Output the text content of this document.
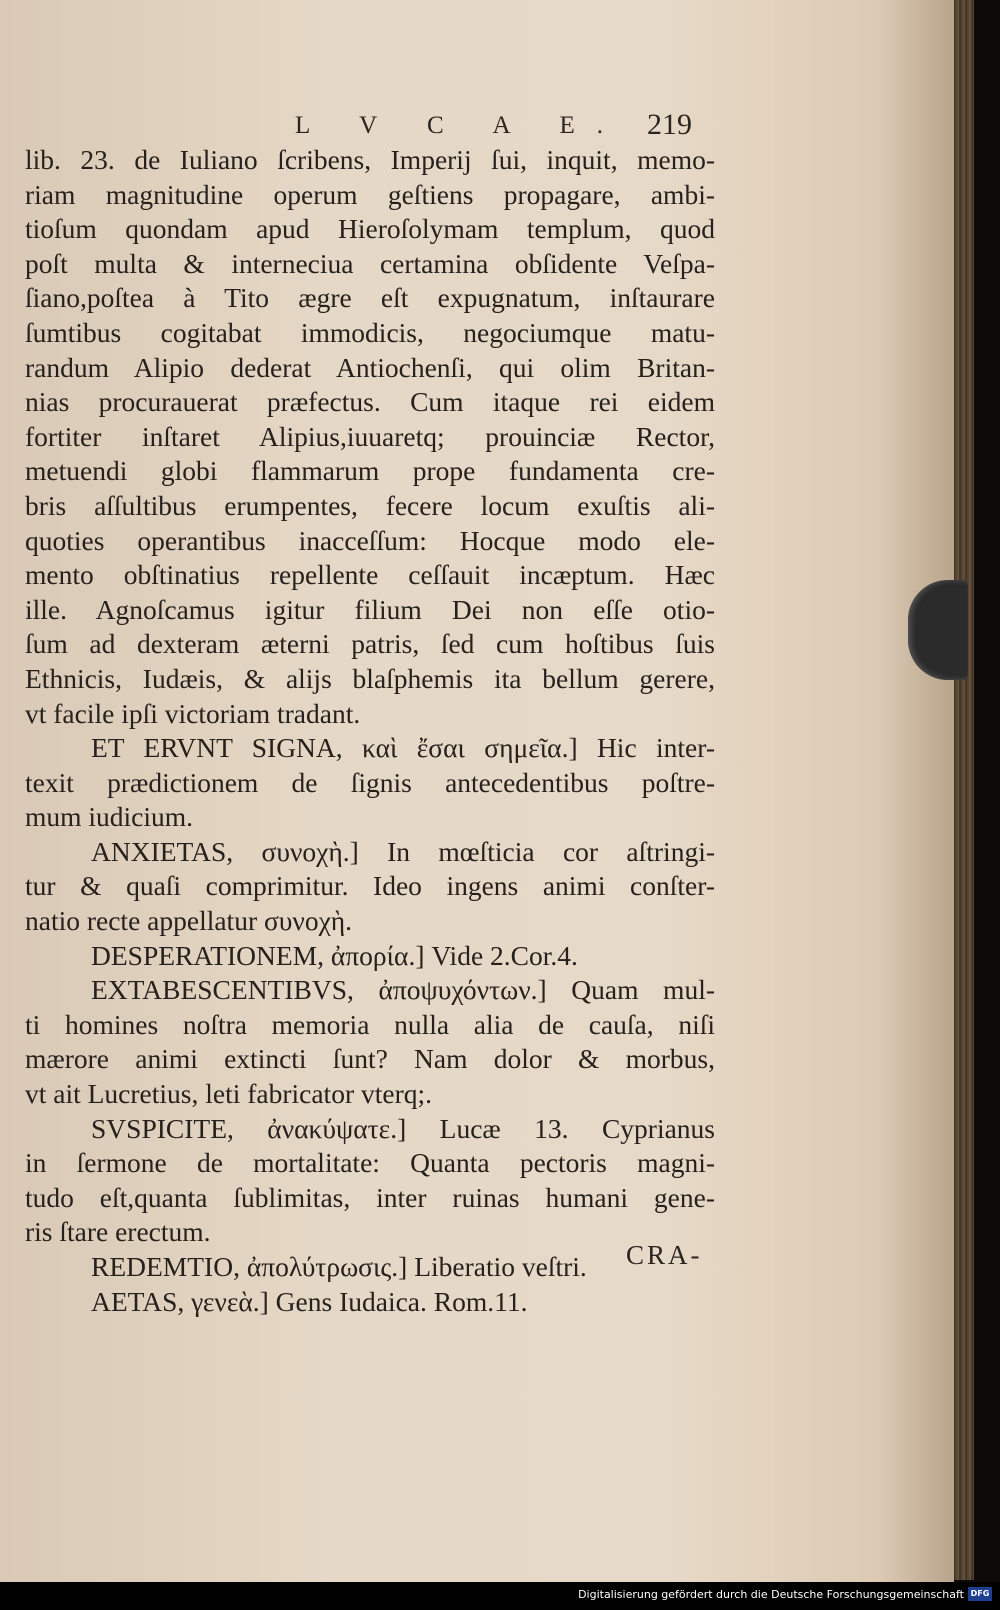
L V C A E. 219
lib. 23. de Iuliano ſcribens, Imperij ſui, inquit, memo-
riam magnitudine operum geſtiens propagare, ambi-
tioſum quondam apud Hieroſolymam templum, quod
poſt multa & interneciua certamina obſidente Veſpa-
ſiano,poſtea à Tito ægre eſt expugnatum, inſtaurare
ſumtibus cogitabat immodicis, negociumque matu-
randum Alipio dederat Antiochenſi, qui olim Britan-
nias procurauerat præfectus. Cum itaque rei eidem
fortiter inſtaret Alipius,iuuaretq; prouinciæ Rector,
metuendi globi flammarum prope fundamenta cre-
bris aſſultibus erumpentes, fecere locum exuſtis ali-
quoties operantibus inacceſſum: Hocque modo ele-
mento obſtinatius repellente ceſſauit incæptum. Hæc
ille. Agnoſcamus igitur filium Dei non eſſe otio-
ſum ad dexteram æterni patris, ſed cum hoſtibus ſuis
Ethnicis, Iudæis, & alijs blaſphemis ita bellum gerere,
vt facile ipſi victoriam tradant.
ET ERVNT SIGNA, καὶ ἔσαι σημεῖα.] Hic inter-
texit prædictionem de ſignis antecedentibus poſtre-
mum iudicium.
ANXIETAS, συνοχὴ.] In mœſticia cor aſtringi-
tur & quaſi comprimitur. Ideo ingens animi conſter-
natio recte appellatur συνοχὴ.
DESPERATIONEM, ἀπορία.] Vide 2.Cor.4.
EXTABESCENTIBVS, ἀποψυχόντων.] Quam mul-
ti homines noſtra memoria nulla alia de cauſa, niſi
mærore animi extincti ſunt? Nam dolor & morbus,
vt ait Lucretius, leti fabricator vterq;.
SVSPICITE, ἀνακύψατε.] Lucæ 13. Cyprianus
in ſermone de mortalitate: Quanta pectoris magni-
tudo eſt,quanta ſublimitas, inter ruinas humani gene-
ris ſtare erectum.
REDEMTIO, ἀπολύτρωσις.] Liberatio veſtri.
AETAS, γενεὰ.] Gens Iudaica. Rom.11.
CRA-
Digitalisierung gefördert durch die Deutsche Forschungsgemeinschaft DFG
